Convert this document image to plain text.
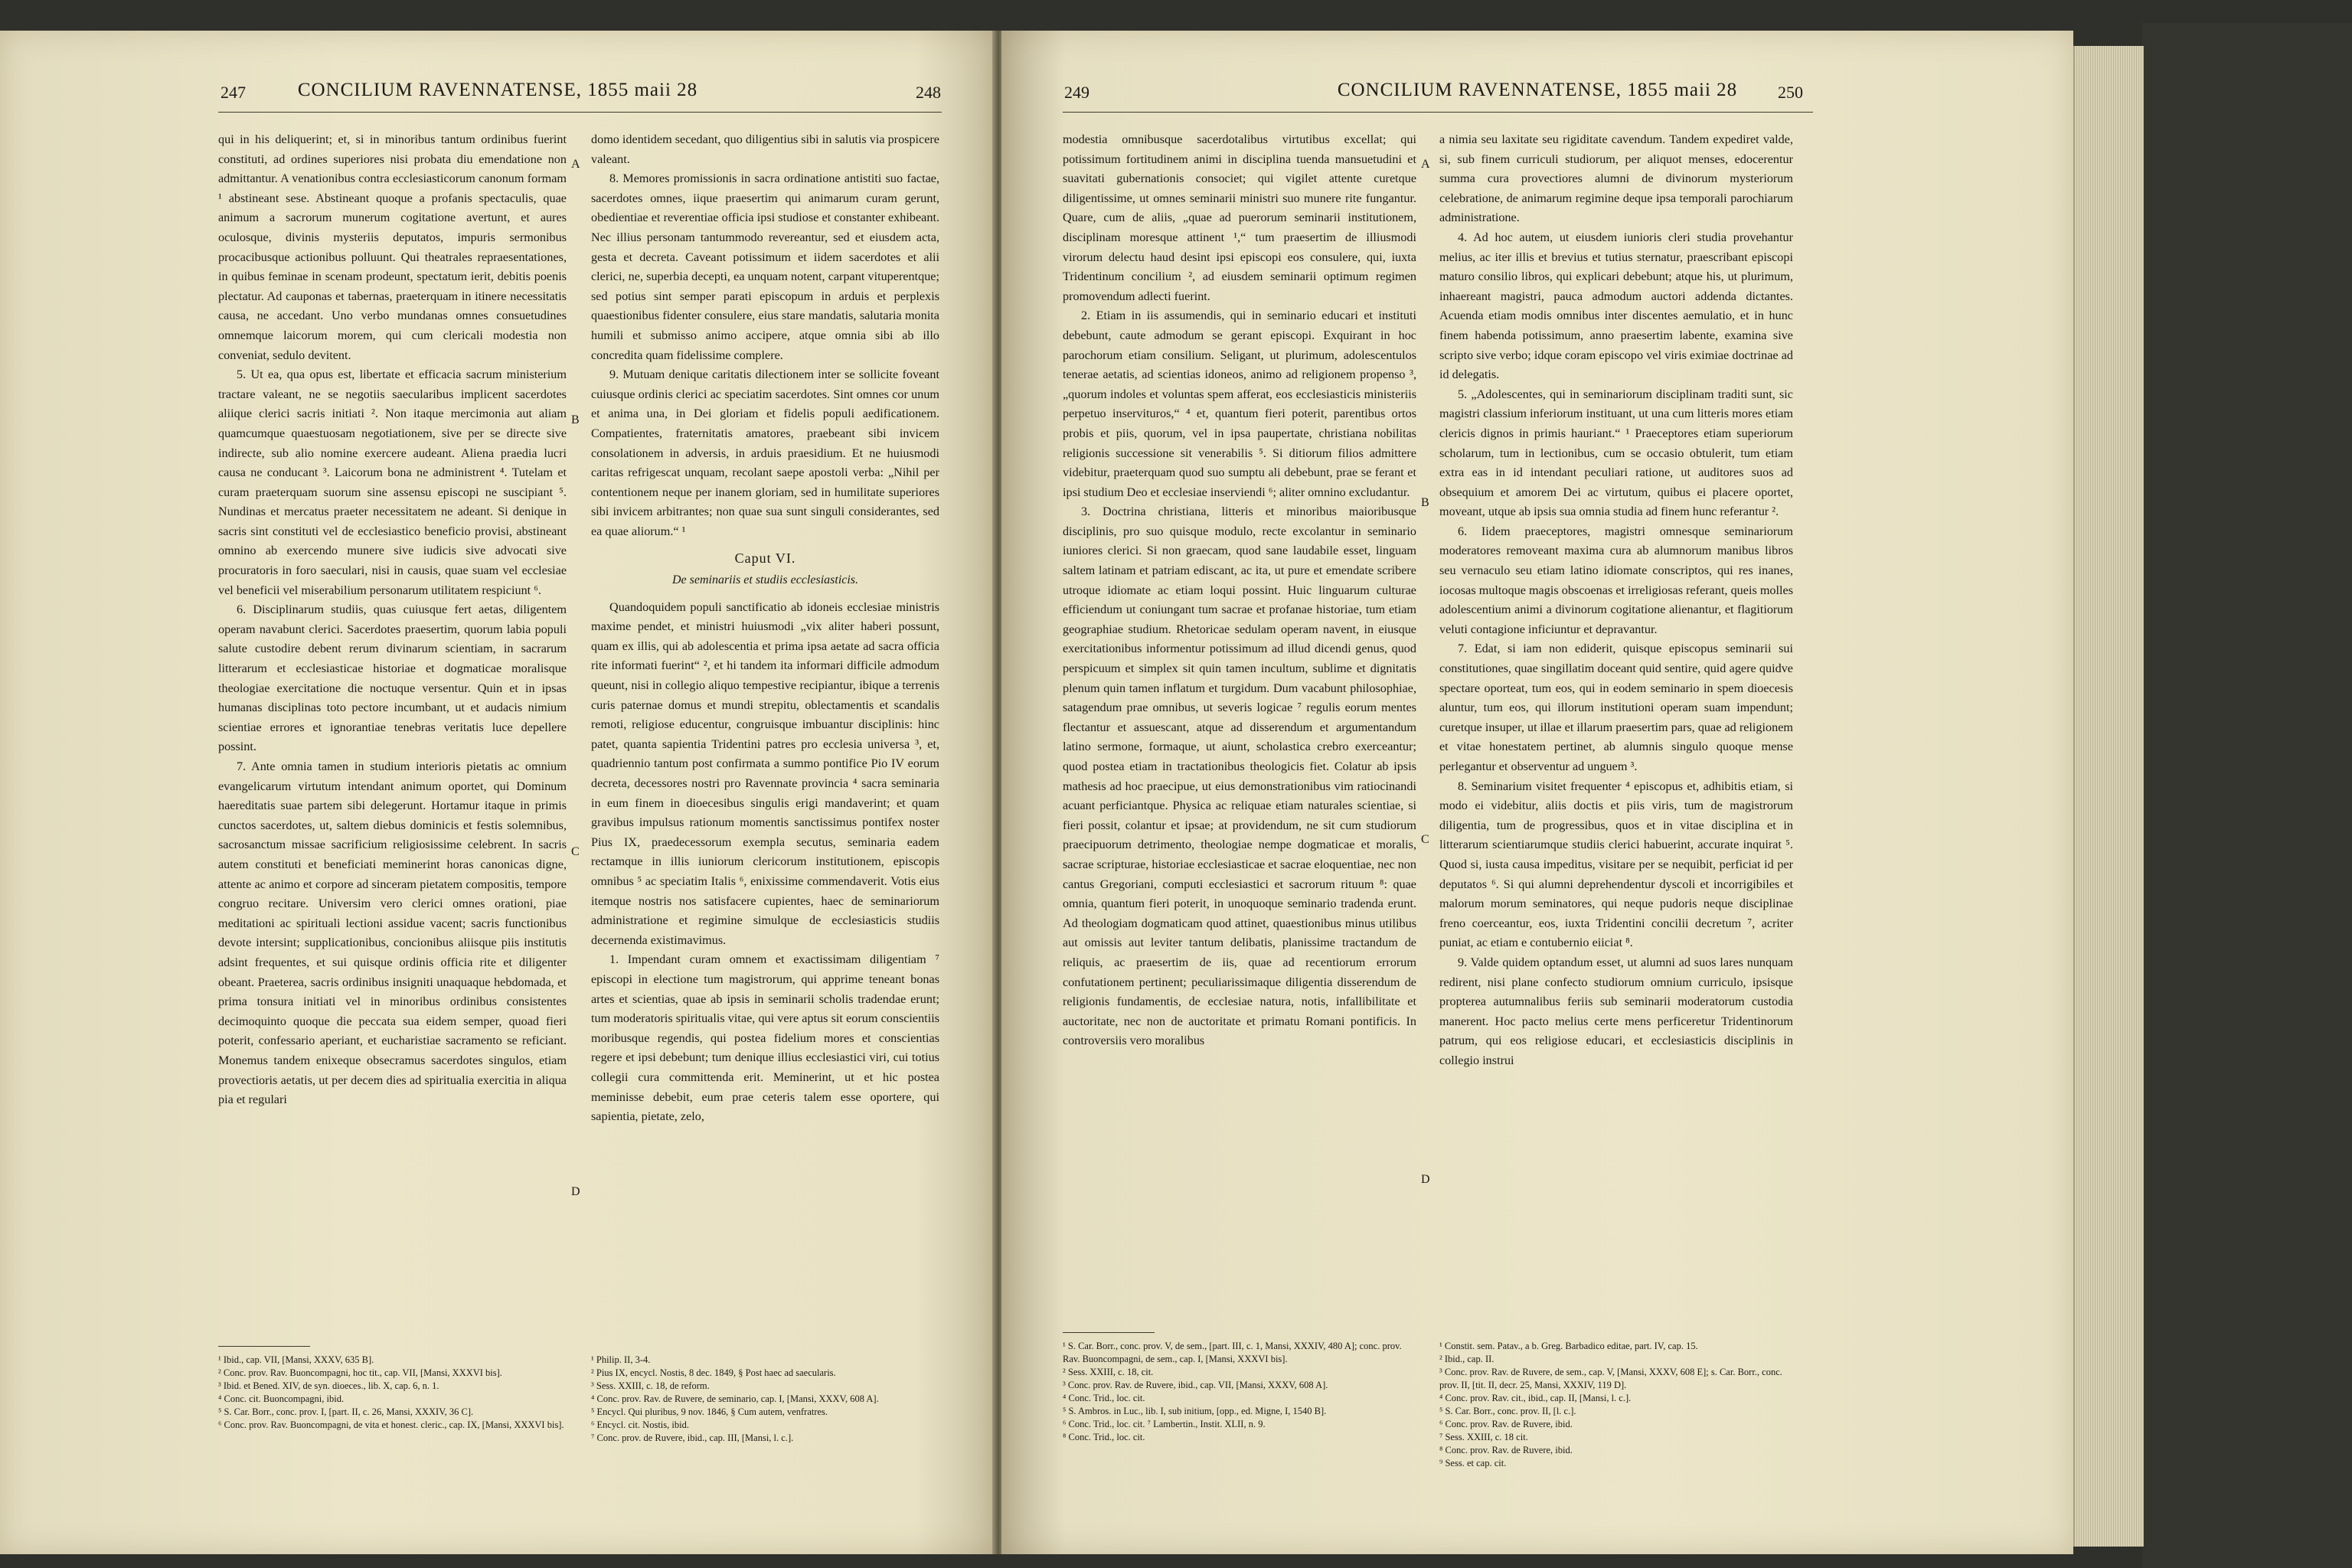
247	CONCILIUM RAVENNATENSE, 1855 maii 28	248

qui in his deliquerint; et, si in minoribus tantum ordinibus fuerint constituti, ad ordines superiores nisi probata diu emendatione non admittantur. A venationibus contra ecclesiasticorum canonum formam ¹ abstineant sese. Abstineant quoque a profanis spectaculis, quae animum a sacrorum munerum cogitatione avertunt, et aures oculosque, divinis mysteriis deputatos, impuris sermonibus procacibusque actionibus polluunt. Qui theatrales repraesentationes, in quibus feminae in scenam prodeunt, spectatum ierit, debitis poenis plectatur. Ad cauponas et tabernas, praeterquam in itinere necessitatis causa, ne accedant. Uno verbo mundanas omnes consuetudines omnemque laicorum morem, qui cum clericali modestia non conveniat, sedulo devitent.

5. Ut ea, qua opus est, libertate et efficacia sacrum ministerium tractare valeant, ne se negotiis saecularibus implicent sacerdotes aliique clerici sacris initiati ². Non itaque mercimonia aut aliam quamcumque quaestuosam negotiationem, sive per se directe sive indirecte, sub alio nomine exercere audeant. Aliena praedia lucri causa ne conducant ³. Laicorum bona ne administrent ⁴. Tutelam et curam praeterquam suorum sine assensu episcopi ne suscipiant ⁵. Nundinas et mercatus praeter necessitatem ne adeant. Si denique in sacris sint constituti vel de ecclesiastico beneficio provisi, abstineant omnino ab exercendo munere sive iudicis sive advocati sive procuratoris in foro saeculari, nisi in causis, quae suam vel ecclesiae vel beneficii vel miserabilium personarum utilitatem respiciunt ⁶.

6. Disciplinarum studiis, quas cuiusque fert aetas, diligentem operam navabunt clerici. Sacerdotes praesertim, quorum labia populi salute custodire debent rerum divinarum scientiam, in sacrarum litterarum et ecclesiasticae historiae et dogmaticae moralisque theologiae exercitatione die noctuque versentur. Quin et in ipsas humanas disciplinas toto pectore incumbant, ut et audacis nimium scientiae errores et ignorantiae tenebras veritatis luce depellere possint.

7. Ante omnia tamen in studium interioris pietatis ac omnium evangelicarum virtutum intendant animum oportet, qui Dominum haereditatis suae partem sibi delegerunt. Hortamur itaque in primis cunctos sacerdotes, ut, saltem diebus dominicis et festis solemnibus, sacrosanctum missae sacrificium religiosissime celebrent. In sacris autem constituti et beneficiati meminerint horas canonicas digne, attente ac animo et corpore ad sinceram pietatem compositis, tempore congruo recitare. Universim vero clerici omnes orationi, piae meditationi ac spirituali lectioni assidue vacent; sacris functionibus devote intersint; supplicationibus, concionibus aliisque piis institutis adsint frequentes, et sui quisque ordinis officia rite et diligenter obeant. Praeterea, sacris ordinibus insigniti unaquaque hebdomada, et prima tonsura initiati vel in minoribus ordinibus consistentes decimoquinto quoque die peccata sua eidem semper, quoad fieri poterit, confessario aperiant, et eucharistiae sacramento se reficiant. Monemus tandem enixeque obsecramus sacerdotes singulos, etiam provectioris aetatis, ut per decem dies ad spiritualia exercitia in aliqua pia et regulari

A
B
C
D

domo identidem secedant, quo diligentius sibi in salutis via prospicere valeant.

8. Memores promissionis in sacra ordinatione antistiti suo factae, sacerdotes omnes, iique praesertim qui animarum curam gerunt, obedientiae et reverentiae officia ipsi studiose et constanter exhibeant. Nec illius personam tantummodo revereantur, sed et eiusdem acta, gesta et decreta. Caveant potissimum et iidem sacerdotes et alii clerici, ne, superbia decepti, ea unquam notent, carpant vituperentque; sed potius sint semper parati episcopum in arduis et perplexis quaestionibus fidenter consulere, eius stare mandatis, salutaria monita humili et submisso animo accipere, atque omnia sibi ab illo concredita quam fidelissime complere.

9. Mutuam denique caritatis dilectionem inter se sollicite foveant cuiusque ordinis clerici ac speciatim sacerdotes. Sint omnes cor unum et anima una, in Dei gloriam et fidelis populi aedificationem. Compatientes, fraternitatis amatores, praebeant sibi invicem consolationem in adversis, in arduis praesidium. Et ne huiusmodi caritas refrigescat unquam, recolant saepe apostoli verba: „Nihil per contentionem neque per inanem gloriam, sed in humilitate superiores sibi invicem arbitrantes; non quae sua sunt singuli considerantes, sed ea quae aliorum.“ ¹

Caput VI.
De seminariis et studiis ecclesiasticis.

Quandoquidem populi sanctificatio ab idoneis ecclesiae ministris maxime pendet, et ministri huiusmodi „vix aliter haberi possunt, quam ex illis, qui ab adolescentia et prima ipsa aetate ad sacra officia rite informati fuerint“ ², et hi tandem ita informari difficile admodum queunt, nisi in collegio aliquo tempestive recipiantur, ibique a terrenis curis paternae domus et mundi strepitu, oblectamentis et scandalis remoti, religiose educentur, congruisque imbuantur disciplinis: hinc patet, quanta sapientia Tridentini patres pro ecclesia universa ³, et, quadriennio tantum post confirmata a summo pontifice Pio IV eorum decreta, decessores nostri pro Ravennate provincia ⁴ sacra seminaria in eum finem in dioecesibus singulis erigi mandaverint; et quam gravibus impulsus rationum momentis sanctissimus pontifex noster Pius IX, praedecessorum exempla secutus, seminaria eadem rectamque in illis iuniorum clericorum institutionem, episcopis omnibus ⁵ ac speciatim Italis ⁶, enixissime commendaverit. Votis eius itemque nostris nos satisfacere cupientes, haec de seminariorum administratione et regimine simulque de ecclesiasticis studiis decernenda existimavimus.

1. Impendant curam omnem et exactissimam diligentiam ⁷ episcopi in electione tum magistrorum, qui apprime teneant bonas artes et scientias, quae ab ipsis in seminarii scholis tradendae erunt; tum moderatoris spiritualis vitae, qui vere aptus sit eorum conscientiis moribusque regendis, qui postea fidelium mores et conscientias regere et ipsi debebunt; tum denique illius ecclesiastici viri, cui totius collegii cura committenda erit. Meminerint, ut et hic postea meminisse debebit, eum prae ceteris talem esse oportere, qui sapientia, pietate, zelo,

¹ Ibid., cap. VII, [Mansi, XXXV, 635 B].
² Conc. prov. Rav. Buoncompagni, hoc tit., cap. VII, [Mansi, XXXVI bis].
³ Ibid. et Bened. XIV, de syn. dioeces., lib. X, cap. 6, n. 1.
⁴ Conc. cit. Buoncompagni, ibid.
⁵ S. Car. Borr., conc. prov. I, [part. II, c. 26, Mansi, XXXIV, 36 C].
⁶ Conc. prov. Rav. Buoncompagni, de vita et honest. cleric., cap. IX, [Mansi, XXXVI bis].
¹ Philip. II, 3-4.
² Pius IX, encycl. Nostis, 8 dec. 1849, § Post haec ad saecularis.
³ Sess. XXIII, c. 18, de reform.
⁴ Conc. prov. Rav. de Ruvere, de seminario, cap. I, [Mansi, XXXV, 608 A].
⁵ Encycl. Qui pluribus, 9 nov. 1846, § Cum autem, venfratres.
⁶ Encycl. cit. Nostis, ibid.
⁷ Conc. prov. de Ruvere, ibid., cap. III, [Mansi, l. c.].
249	CONCILIUM RAVENNATENSE, 1855 maii 28	250

modestia omnibusque sacerdotalibus virtutibus excellat; qui potissimum fortitudinem animi in disciplina tuenda mansuetudini et suavitati gubernationis consociet; qui vigilet attente curetque diligentissime, ut omnes seminarii ministri suo munere rite fungantur. Quare, cum de aliis, „quae ad puerorum seminarii institutionem, disciplinam moresque attinent ¹,“ tum praesertim de illiusmodi virorum delectu haud desint ipsi episcopi eos consulere, qui, iuxta Tridentinum concilium ², ad eiusdem seminarii optimum regimen promovendum adlecti fuerint.

2. Etiam in iis assumendis, qui in seminario educari et instituti debebunt, caute admodum se gerant episcopi. Exquirant in hoc parochorum etiam consilium. Seligant, ut plurimum, adolescentulos tenerae aetatis, ad scientias idoneos, animo ad religionem propenso ³, „quorum indoles et voluntas spem afferat, eos ecclesiasticis ministeriis perpetuo inservituros,“ ⁴ et, quantum fieri poterit, parentibus ortos probis et piis, quorum, vel in ipsa paupertate, christiana nobilitas religionis successione sit venerabilis ⁵. Si ditiorum filios admittere videbitur, praeterquam quod suo sumptu ali debebunt, prae se ferant et ipsi studium Deo et ecclesiae inserviendi ⁶; aliter omnino excludantur.

3. Doctrina christiana, litteris et minoribus maioribusque disciplinis, pro suo quisque modulo, recte excolantur in seminario iuniores clerici. Si non graecam, quod sane laudabile esset, linguam saltem latinam et patriam ediscant, ac ita, ut pure et emendate scribere utroque idiomate ac etiam loqui possint. Huic linguarum culturae efficiendum ut coniungant tum sacrae et profanae historiae, tum etiam geographiae studium. Rhetoricae sedulam operam navent, in eiusque exercitationibus informentur potissimum ad illud dicendi genus, quod perspicuum et simplex sit quin tamen incultum, sublime et dignitatis plenum quin tamen inflatum et turgidum. Dum vacabunt philosophiae, satagendum prae omnibus, ut severis logicae ⁷ regulis eorum mentes flectantur et assuescant, atque ad disserendum et argumentandum latino sermone, formaque, ut aiunt, scholastica crebro exerceantur; quod postea etiam in tractationibus theologicis fiet. Colatur ab ipsis mathesis ad hoc praecipue, ut eius demonstrationibus vim ratiocinandi acuant perficiantque. Physica ac reliquae etiam naturales scientiae, si fieri possit, colantur et ipsae; at providendum, ne sit cum studiorum praecipuorum detrimento, theologiae nempe dogmaticae et moralis, sacrae scripturae, historiae ecclesiasticae et sacrae eloquentiae, nec non cantus Gregoriani, computi ecclesiastici et sacrorum rituum ⁸: quae omnia, quantum fieri poterit, in unoquoque seminario tradenda erunt. Ad theologiam dogmaticam quod attinet, quaestionibus minus utilibus aut omissis aut leviter tantum delibatis, planissime tractandum de reliquis, ac praesertim de iis, quae ad recentiorum errorum confutationem pertinent; peculiarissimaque diligentia disserendum de religionis fundamentis, de ecclesiae natura, notis, infallibilitate et auctoritate, nec non de auctoritate et primatu Romani pontificis. In controversiis vero moralibus

A
B
C
D

a nimia seu laxitate seu rigiditate cavendum. Tandem expediret valde, si, sub finem curriculi studiorum, per aliquot menses, edocerentur summa cura provectiores alumni de divinorum mysteriorum celebratione, de animarum regimine deque ipsa temporali parochiarum administratione.

4. Ad hoc autem, ut eiusdem iunioris cleri studia provehantur melius, ac iter illis et brevius et tutius sternatur, praescribant episcopi maturo consilio libros, qui explicari debebunt; atque his, ut plurimum, inhaereant magistri, pauca admodum auctori addenda dictantes. Acuenda etiam modis omnibus inter discentes aemulatio, et in hunc finem habenda potissimum, anno praesertim labente, examina sive scripto sive verbo; idque coram episcopo vel viris eximiae doctrinae ad id delegatis.

5. „Adolescentes, qui in seminariorum disciplinam traditi sunt, sic magistri classium inferiorum instituant, ut una cum litteris mores etiam clericis dignos in primis hauriant.“ ¹ Praeceptores etiam superiorum scholarum, tum in lectionibus, cum se occasio obtulerit, tum etiam extra eas in id intendant peculiari ratione, ut auditores suos ad obsequium et amorem Dei ac virtutum, quibus ei placere oportet, moveant, utque ab ipsis sua omnia studia ad finem hunc referantur ².

6. Iidem praeceptores, magistri omnesque seminariorum moderatores removeant maxima cura ab alumnorum manibus libros seu vernaculo seu etiam latino idiomate conscriptos, qui res inanes, iocosas multoque magis obscoenas et irreligiosas referant, queis molles adolescentium animi a divinorum cogitatione alienantur, et flagitiorum veluti contagione inficiuntur et depravantur.

7. Edat, si iam non ediderit, quisque episcopus seminarii sui constitutiones, quae singillatim doceant quid sentire, quid agere quidve spectare oporteat, tum eos, qui in eodem seminario in spem dioecesis aluntur, tum eos, qui illorum institutioni operam suam impendunt; curetque insuper, ut illae et illarum praesertim pars, quae ad religionem et vitae honestatem pertinet, ab alumnis singulo quoque mense perlegantur et observentur ad unguem ³.

8. Seminarium visitet frequenter ⁴ episcopus et, adhibitis etiam, si modo ei videbitur, aliis doctis et piis viris, tum de magistrorum diligentia, tum de progressibus, quos et in vitae disciplina et in litterarum scientiarumque studiis clerici habuerint, accurate inquirat ⁵. Quod si, iusta causa impeditus, visitare per se nequibit, perficiat id per deputatos ⁶. Si qui alumni deprehendentur dyscoli et incorrigibiles et malorum morum seminatores, qui neque pudoris neque disciplinae freno coerceantur, eos, iuxta Tridentini concilii decretum ⁷, acriter puniat, ac etiam e contubernio eiiciat ⁸.

9. Valde quidem optandum esset, ut alumni ad suos lares nunquam redirent, nisi plane confecto studiorum omnium curriculo, ipsisque propterea autumnalibus feriis sub seminarii moderatorum custodia manerent. Hoc pacto melius certe mens perficeretur Tridentinorum patrum, qui eos religiose educari, et ecclesiasticis disciplinis in collegio instrui

¹ S. Car. Borr., conc. prov. V, de sem., [part. III, c. 1, Mansi, XXXIV, 480 A]; conc. prov. Rav. Buoncompagni, de sem., cap. I, [Mansi, XXXVI bis].
² Sess. XXIII, c. 18, cit.
³ Conc. prov. Rav. de Ruvere, ibid., cap. VII, [Mansi, XXXV, 608 A].
⁴ Conc. Trid., loc. cit.
⁵ S. Ambros. in Luc., lib. I, sub initium, [opp., ed. Migne, I, 1540 B].
⁶ Conc. Trid., loc. cit. ⁷ Lambertin., Instit. XLII, n. 9.
⁸ Conc. Trid., loc. cit.
¹ Constit. sem. Patav., a b. Greg. Barbadico editae, part. IV, cap. 15.
² Ibid., cap. II.
³ Conc. prov. Rav. de Ruvere, de sem., cap. V, [Mansi, XXXV, 608 E]; s. Car. Borr., conc. prov. II, [tit. II, decr. 25, Mansi, XXXIV, 119 D].
⁴ Conc. prov. Rav. cit., ibid., cap. II, [Mansi, l. c.].
⁵ S. Car. Borr., conc. prov. II, [l. c.].
⁶ Conc. prov. Rav. de Ruvere, ibid.
⁷ Sess. XXIII, c. 18 cit.
⁸ Conc. prov. Rav. de Ruvere, ibid.
⁹ Sess. et cap. cit.
